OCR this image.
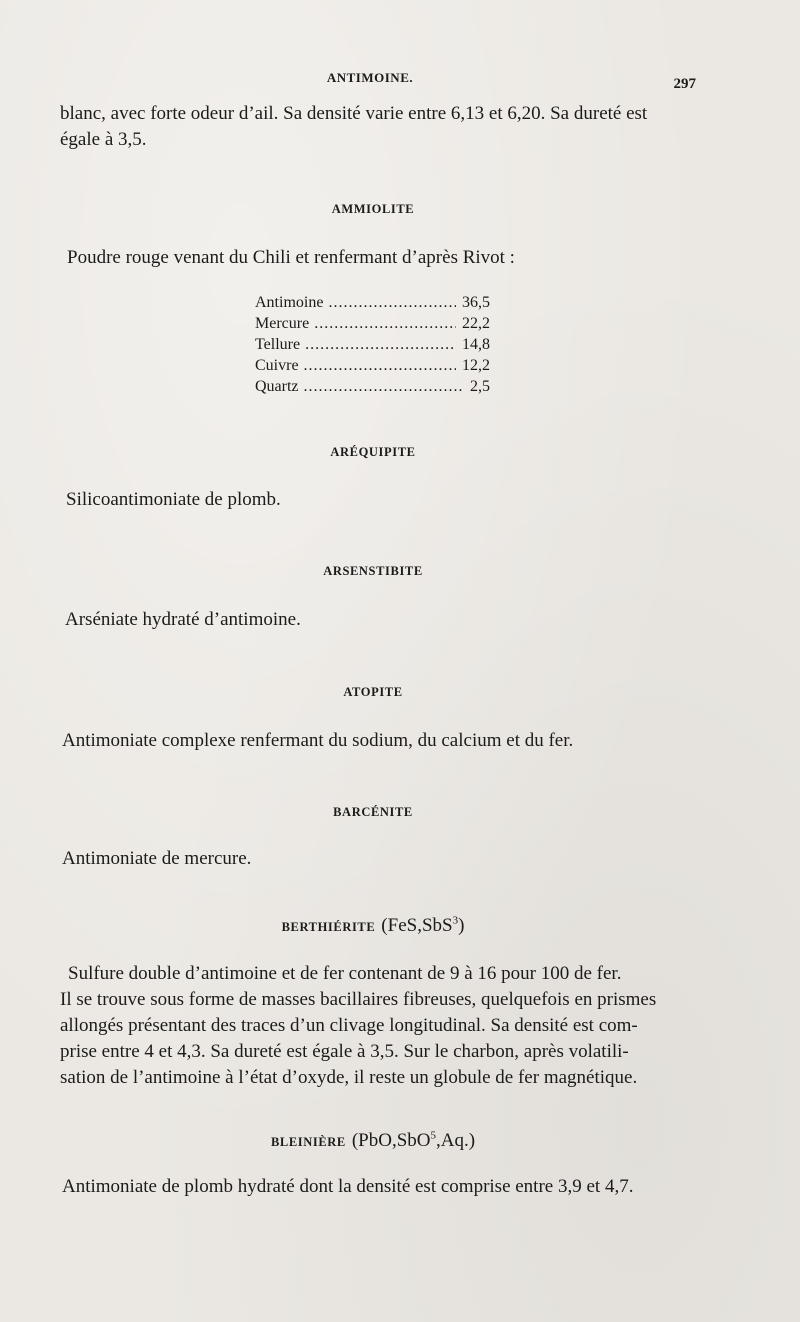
ANTIMOINE.	297
blanc, avec forte odeur d’ail. Sa densité varie entre 6,13 et 6,20. Sa dureté est
égale à 3,5.
AMMIOLITE
Poudre rouge venant du Chili et renfermant d’après Rivot :
Antimoine .....	36,5
Mercure .....	22,2
Tellure .....	14,8
Cuivre .....	12,2
Quartz .....	2,5
ARÉQUIPITE
Silicoantimoniate de plomb.
ARSENSTIBITE
Arséniate hydraté d’antimoine.
ATOPITE
Antimoniate complexe renfermant du sodium, du calcium et du fer.
BARCÉNITE
Antimoniate de mercure.
BERTHIÉRITE (FeS,SbS$^3$)
Sulfure double d’antimoine et de fer contenant de 9 à 16 pour 100 de fer.
Il se trouve sous forme de masses bacillaires fibreuses, quelquefois en prismes
allongés présentant des traces d’un clivage longitudinal. Sa densité est com-
prise entre 4 et 4,3. Sa dureté est égale à 3,5. Sur le charbon, après volatili-
sation de l’antimoine à l’état d’oxyde, il reste un globule de fer magnétique.
BLEINIÈRE (PbO,SbO$^5$,Aq.)
Antimoniate de plomb hydraté dont la densité est comprise entre 3,9 et 4,7.
